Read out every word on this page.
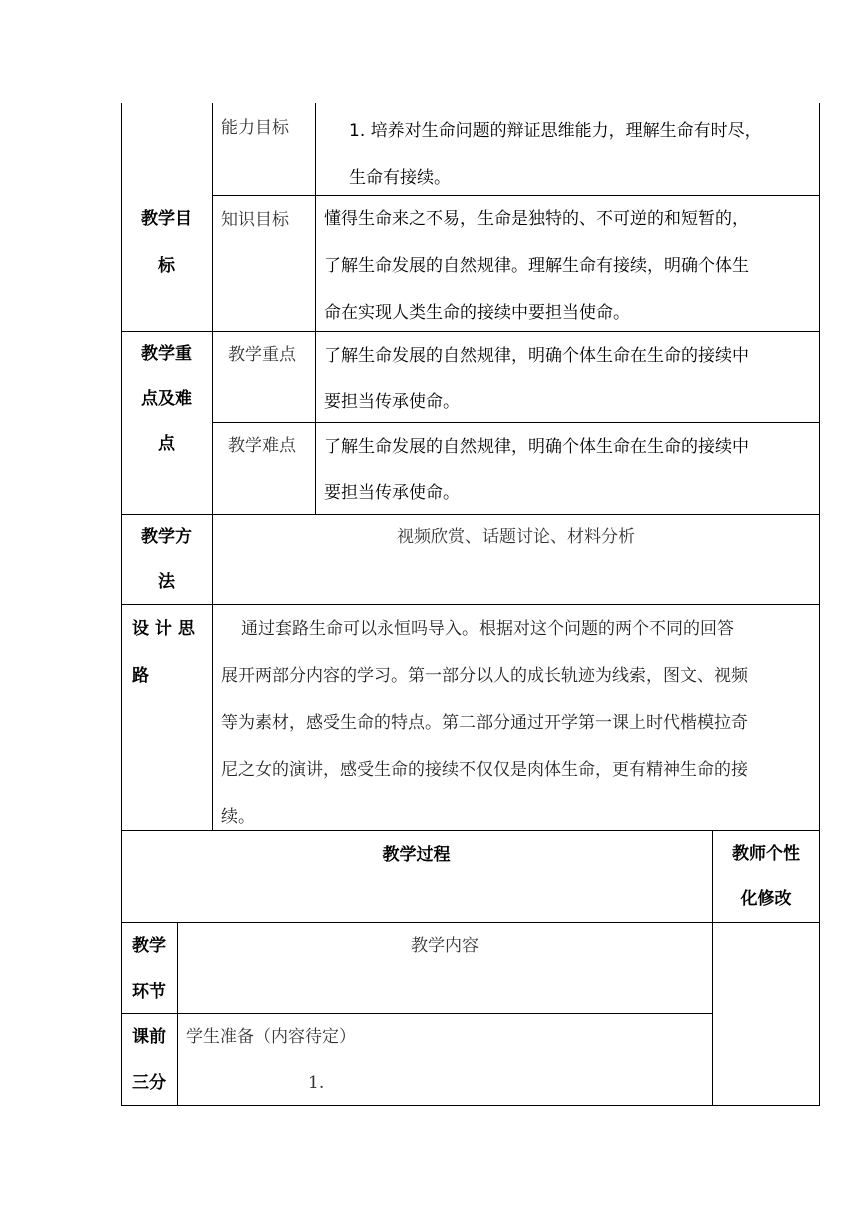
教学目
标
能力目标	1. 培养对生命问题的辩证思维能力，理解生命有时尽，
生命有接续。
知识目标 懂得生命来之不易，生命是独特的、不可逆的和短暂的，
了解生命发展的自然规律。理解生命有接续，明确个体生
命在实现人类生命的接续中要担当使命。
教学重
点及难
点
教学重点 了解生命发展的自然规律，明确个体生命在生命的接续中
要担当传承使命。
教学难点 了解生命发展的自然规律，明确个体生命在生命的接续中
要担当传承使命。
教学方
法
视频欣赏、话题讨论、材料分析
设 计 思
路
通过套路生命可以永恒吗导入。根据对这个问题的两个不同的回答
展开两部分内容的学习。第一部分以人的成长轨迹为线索，图文、视频
等为素材，感受生命的特点。第二部分通过开学第一课上时代楷模拉奇
尼之女的演讲，感受生命的接续不仅仅是肉体生命，更有精神生命的接
续。
教学过程	教师个性
化修改
教学
环节
教学内容
课前
三分
学生准备（内容待定）
1.
